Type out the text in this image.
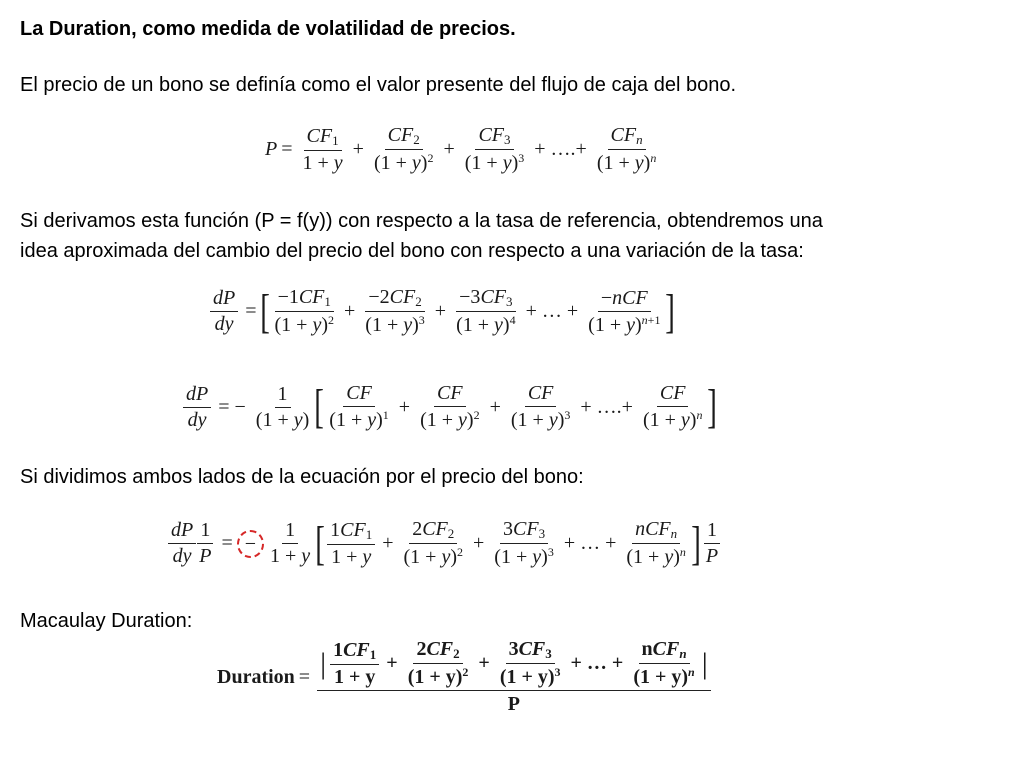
La Duration, como medida de volatilidad de precios.
El precio de un bono se definía como el valor presente del flujo de caja del bono.
$P = \frac{CF_1}{1 + y} + \frac{CF_2}{(1 + y)^2} + \frac{CF_3}{(1 + y)^3}$ + ….+ $\frac{CF_n}{(1 + y)^n}$
Si derivamos esta función (P = f(y)) con respecto a la tasa de referencia, obtendremos una
idea aproximada del cambio del precio del bono con respecto a una variación de la tasa:
$\frac{dP}{dy}$ = [ $\frac{-1CF_1}{(1 + y)^2} + \frac{-2CF_2}{(1 + y)^3} + \frac{-3CF_3}{(1 + y)^4}$ + … + $\frac{\text{−nCF}}{(1 + y)^{n+1}}$ ]
$\frac{dP}{dy}$ = − $\frac{1}{(1 + y)}$ [ $\frac{CF}{(1 + y)^1} + \frac{CF}{(1 + y)^2} + \frac{CF}{(1 + y)^3}$ + ….+ $\frac{CF}{(1 + y)^n}$ ]
Si dividimos ambos lados de la ecuación por el precio del bono:
$\frac{dP}{dy} \frac{1}{P}$ = − $\frac{1}{1 + y}$ [ $\frac{1CF_1}{1 + y} + \frac{2CF_2}{(1 + y)^2} + \frac{3CF_3}{(1 + y)^3}$ + … + $\frac{nCF_n}{(1 + y)^n}$ ] $\frac{1}{P}$
Macaulay Duration:
Duration = | $\frac{1CF_1}{1 + y} + \frac{2CF_2}{(1 + y)^2} + \frac{3CF_3}{(1 + y)^3}$ + … + $\frac{nCF_n}{(1 + y)^n}$ |
P
